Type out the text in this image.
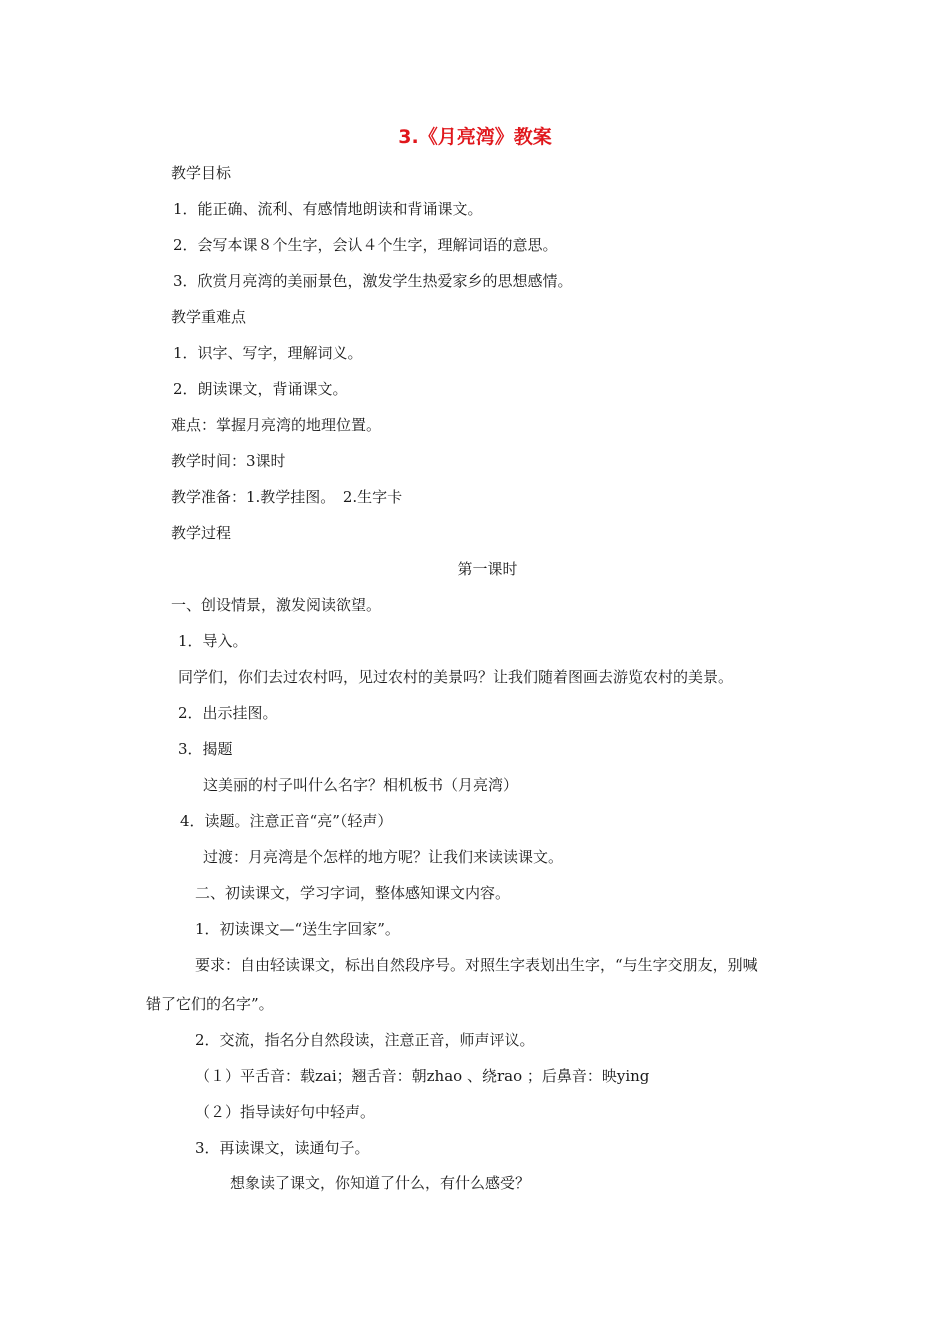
3.《月亮湾》教案
教学目标
1．能正确、流利、有感情地朗读和背诵课文。
2．会写本课８个生字，会认４个生字，理解词语的意思。
3．欣赏月亮湾的美丽景色，激发学生热爱家乡的思想感情。
教学重难点
1．识字、写字，理解词义。
2．朗读课文，背诵课文。
难点：掌握月亮湾的地理位置。
教学时间：3课时
教学准备：1.教学挂图。　2.生字卡
教学过程
第一课时
一、创设情景，激发阅读欲望。
1．导入。
同学们，你们去过农村吗，见过农村的美景吗？让我们随着图画去游览农村的美景。
2．出示挂图。
3．揭题
这美丽的村子叫什么名字？相机板书（月亮湾）
4．读题。注意正音“亮”（轻声）
过渡：月亮湾是个怎样的地方呢？让我们来读读课文。
二、初读课文，学习字词，整体感知课文内容。
1．初读课文—“送生字回家”。
要求：自由轻读课文，标出自然段序号。对照生字表划出生字，“与生字交朋友，别喊
错了它们的名字”。
2．交流，指名分自然段读，注意正音，师声评议。
（１）平舌音：载zai；翘舌音：朝zhao 、绕rao ；后鼻音：映ying
（２）指导读好句中轻声。
3．再读课文，读通句子。
想象读了课文，你知道了什么，有什么感受？
